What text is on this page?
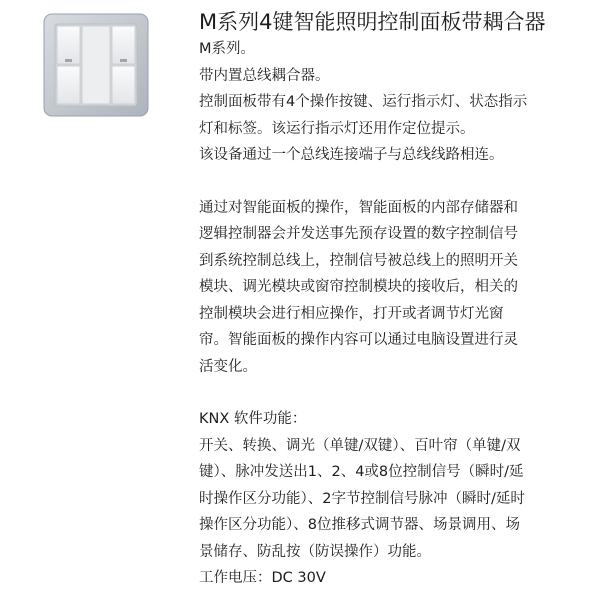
M系列4键智能照明控制面板带耦合器

M系列。

带内置总线耦合器。

控制面板带有4个操作按键、运行指示灯、状态指示

灯和标签。该运行指示灯还用作定位提示。

该设备通过一个总线连接端子与总线线路相连。

通过对智能面板的操作，智能面板的内部存储器和

逻辑控制器会并发送事先预存设置的数字控制信号

到系统控制总线上，控制信号被总线上的照明开关

模块、调光模块或窗帘控制模块的接收后，相关的

控制模块会进行相应操作，打开或者调节灯光窗

帘。智能面板的操作内容可以通过电脑设置进行灵

活变化。

KNX 软件功能：

开关、转换、调光（单键/双键）、百叶帘（单键/双

键）、脉冲发送出1、2、4或8位控制信号（瞬时/延

时操作区分功能）、2字节控制信号脉冲（瞬时/延时

操作区分功能）、8位推移式调节器、场景调用、场

景储存、防乱按（防误操作）功能。

工作电压：DC 30V
